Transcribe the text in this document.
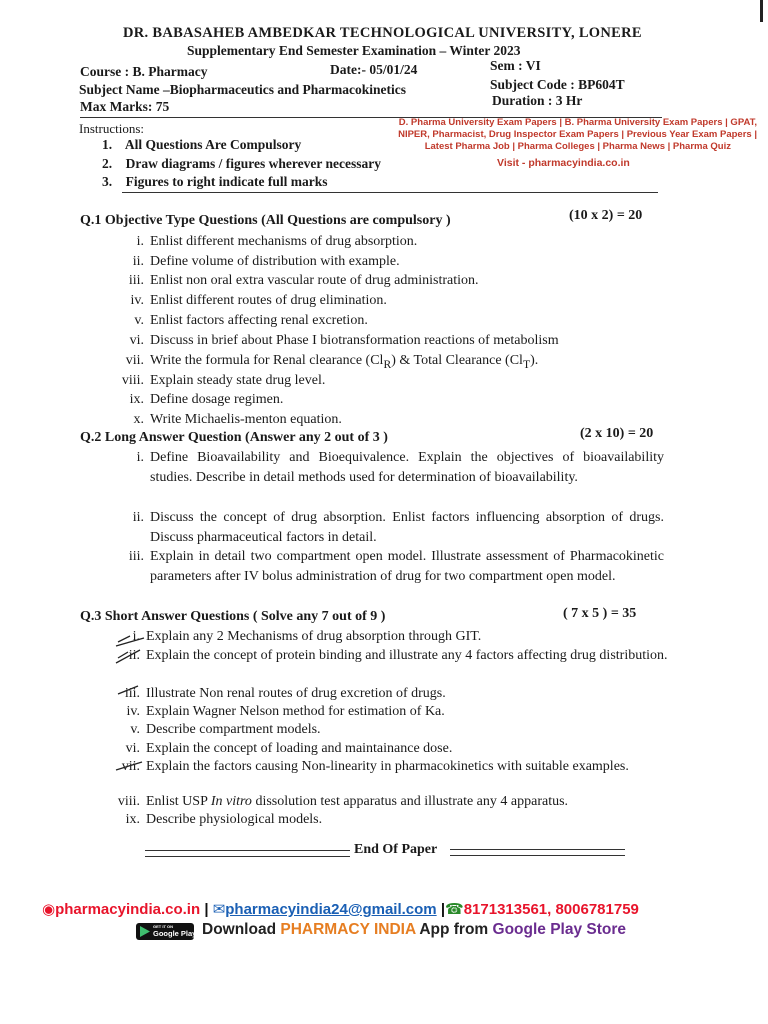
DR. BABASAHEB AMBEDKAR TECHNOLOGICAL UNIVERSITY, LONERE
Supplementary End Semester Examination – Winter 2023
Course : B. Pharmacy	Date:- 05/01/24	Sem : VI
Subject Name –Biopharmaceutics and Pharmacokinetics	Subject Code : BP604T
Max Marks: 75	Duration : 3 Hr
D. Pharma University Exam Papers | B. Pharma University Exam Papers | GPAT,
NIPER, Pharmacist, Drug Inspector Exam Papers | Previous Year Exam Papers |
Latest Pharma Job | Pharma Colleges | Pharma News | Pharma Quiz
Visit - pharmacyindia.co.in
Instructions:
1. All Questions Are Compulsory
2. Draw diagrams / figures wherever necessary
3. Figures to right indicate full marks
Q.1 Objective Type Questions (All Questions are compulsory )	(10 x 2) = 20
i. Enlist different mechanisms of drug absorption.
ii. Define volume of distribution with example.
iii. Enlist non oral extra vascular route of drug administration.
iv. Enlist different routes of drug elimination.
v. Enlist factors affecting renal excretion.
vi. Discuss in brief about Phase I biotransformation reactions of metabolism
vii. Write the formula for Renal clearance $(Cl_R)$ & Total Clearance $(Cl_T)$.
viii. Explain steady state drug level.
ix. Define dosage regimen.
x. Write Michaelis-menton equation.
Q.2 Long Answer Question (Answer any 2 out of 3 )	(2 x 10) = 20
i. Define Bioavailability and Bioequivalence. Explain the objectives of bioavailability studies. Describe in detail methods used for determination of bioavailability.
ii. Discuss the concept of drug absorption. Enlist factors influencing absorption of drugs. Discuss pharmaceutical factors in detail.
iii. Explain in detail two compartment open model. Illustrate assessment of Pharmacokinetic parameters after IV bolus administration of drug for two compartment open model.
Q.3 Short Answer Questions ( Solve any 7 out of 9 )	( 7 x 5 ) = 35
i. Explain any 2 Mechanisms of drug absorption through GIT.
ii. Explain the concept of protein binding and illustrate any 4 factors affecting drug distribution.
iii. Illustrate Non renal routes of drug excretion of drugs.
iv. Explain Wagner Nelson method for estimation of Ka.
v. Describe compartment models.
vi. Explain the concept of loading and maintainance dose.
vii. Explain the factors causing Non-linearity in pharmacokinetics with suitable examples.
viii. Enlist USP In vitro dissolution test apparatus and illustrate any 4 apparatus.
ix. Describe physiological models.
End Of Paper
◉pharmacyindia.co.in | ✉pharmacyindia24@gmail.com |☎8171313561, 8006781759
GET IT ON
Google Play Download PHARMACY INDIA App from Google Play Store
